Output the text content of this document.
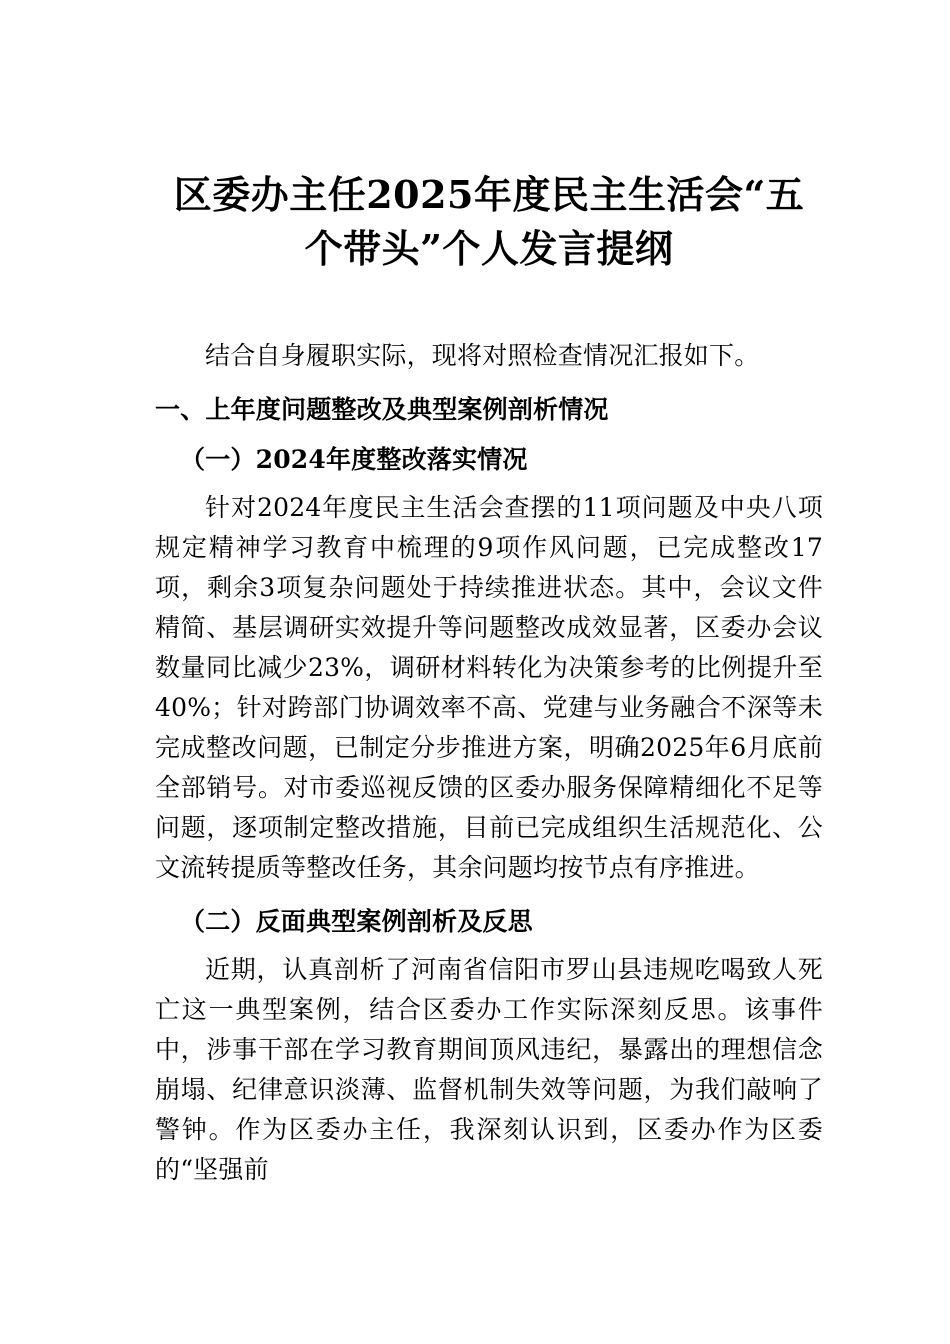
区委办主任2025年度民主生活会“五
个带头”个人发言提纲

结合自身履职实际，现将对照检查情况汇报如下。

一、上年度问题整改及典型案例剖析情况
（一）2024年度整改落实情况

针对2024年度民主生活会查摆的11项问题及中央八项规定精神学习教育中梳理的9项作风问题，已完成整改17项，剩余3项复杂问题处于持续推进状态。其中，会议文件精简、基层调研实效提升等问题整改成效显著，区委办会议数量同比减少23%，调研材料转化为决策参考的比例提升至40%；针对跨部门协调效率不高、党建与业务融合不深等未完成整改问题，已制定分步推进方案，明确2025年6月底前全部销号。对市委巡视反馈的区委办服务保障精细化不足等问题，逐项制定整改措施，目前已完成组织生活规范化、公文流转提质等整改任务，其余问题均按节点有序推进。

（二）反面典型案例剖析及反思

近期，认真剖析了河南省信阳市罗山县违规吃喝致人死亡这一典型案例，结合区委办工作实际深刻反思。该事件中，涉事干部在学习教育期间顶风违纪，暴露出的理想信念崩塌、纪律意识淡薄、监督机制失效等问题，为我们敲响了警钟。作为区委办主任，我深刻认识到，区委办作为区委的“坚强前
